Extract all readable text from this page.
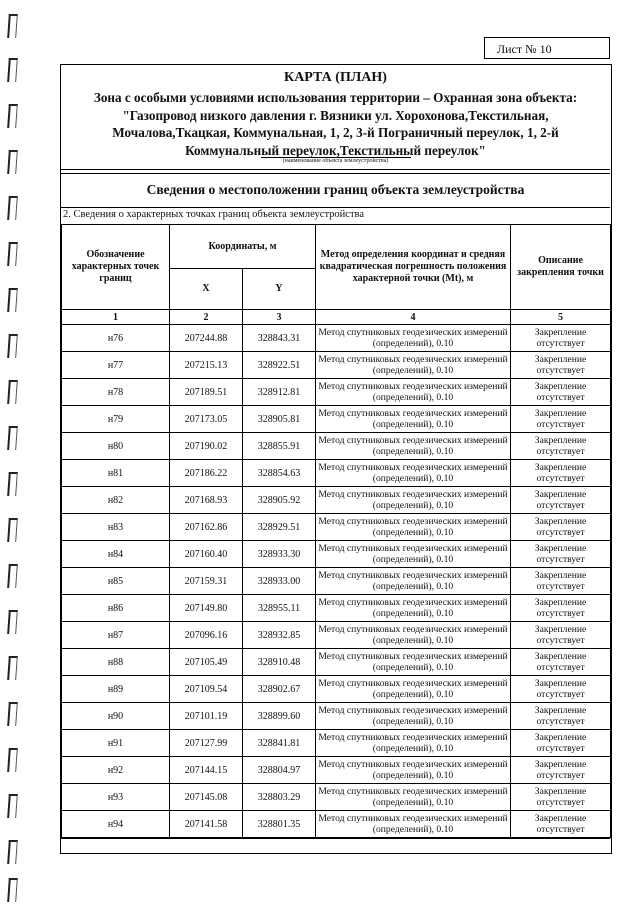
Лист № 10
КАРТА (ПЛАН)
Зона с особыми условиями использования территории – Охранная зона объекта: "Газопровод низкого давления г. Вязники ул. Хорохонова,Текстильная, Мочалова,Ткацкая, Коммунальная, 1, 2, 3-й Пограничный переулок, 1, 2-й Коммунальный переулок,Текстильный переулок"
(наименование объекта землеустройства)
Сведения о местоположении границ объекта землеустройства
2. Сведения о характерных точках границ объекта землеустройства
Обозначение характерных точек границ	Координаты, м		Метод определения координат и средняя квадратическая погрешность положения характерной точки (Mt), м	Описание закрепления точки
	X	Y		
1	2	3	4	5
н76	207244.88	328843.31	Метод спутниковых геодезических измерений (определений), 0.10	Закрепление отсутствует
н77	207215.13	328922.51	Метод спутниковых геодезических измерений (определений), 0.10	Закрепление отсутствует
н78	207189.51	328912.81	Метод спутниковых геодезических измерений (определений), 0.10	Закрепление отсутствует
н79	207173.05	328905.81	Метод спутниковых геодезических измерений (определений), 0.10	Закрепление отсутствует
н80	207190.02	328855.91	Метод спутниковых геодезических измерений (определений), 0.10	Закрепление отсутствует
н81	207186.22	328854.63	Метод спутниковых геодезических измерений (определений), 0.10	Закрепление отсутствует
н82	207168.93	328905.92	Метод спутниковых геодезических измерений (определений), 0.10	Закрепление отсутствует
н83	207162.86	328929.51	Метод спутниковых геодезических измерений (определений), 0.10	Закрепление отсутствует
н84	207160.40	328933.30	Метод спутниковых геодезических измерений (определений), 0.10	Закрепление отсутствует
н85	207159.31	328933.00	Метод спутниковых геодезических измерений (определений), 0.10	Закрепление отсутствует
н86	207149.80	328955.11	Метод спутниковых геодезических измерений (определений), 0.10	Закрепление отсутствует
н87	207096.16	328932.85	Метод спутниковых геодезических измерений (определений), 0.10	Закрепление отсутствует
н88	207105.49	328910.48	Метод спутниковых геодезических измерений (определений), 0.10	Закрепление отсутствует
н89	207109.54	328902.67	Метод спутниковых геодезических измерений (определений), 0.10	Закрепление отсутствует
н90	207101.19	328899.60	Метод спутниковых геодезических измерений (определений), 0.10	Закрепление отсутствует
н91	207127.99	328841.81	Метод спутниковых геодезических измерений (определений), 0.10	Закрепление отсутствует
н92	207144.15	328804.97	Метод спутниковых геодезических измерений (определений), 0.10	Закрепление отсутствует
н93	207145.08	328803.29	Метод спутниковых геодезических измерений (определений), 0.10	Закрепление отсутствует
н94	207141.58	328801.35	Метод спутниковых геодезических измерений (определений), 0.10	Закрепление отсутствует
